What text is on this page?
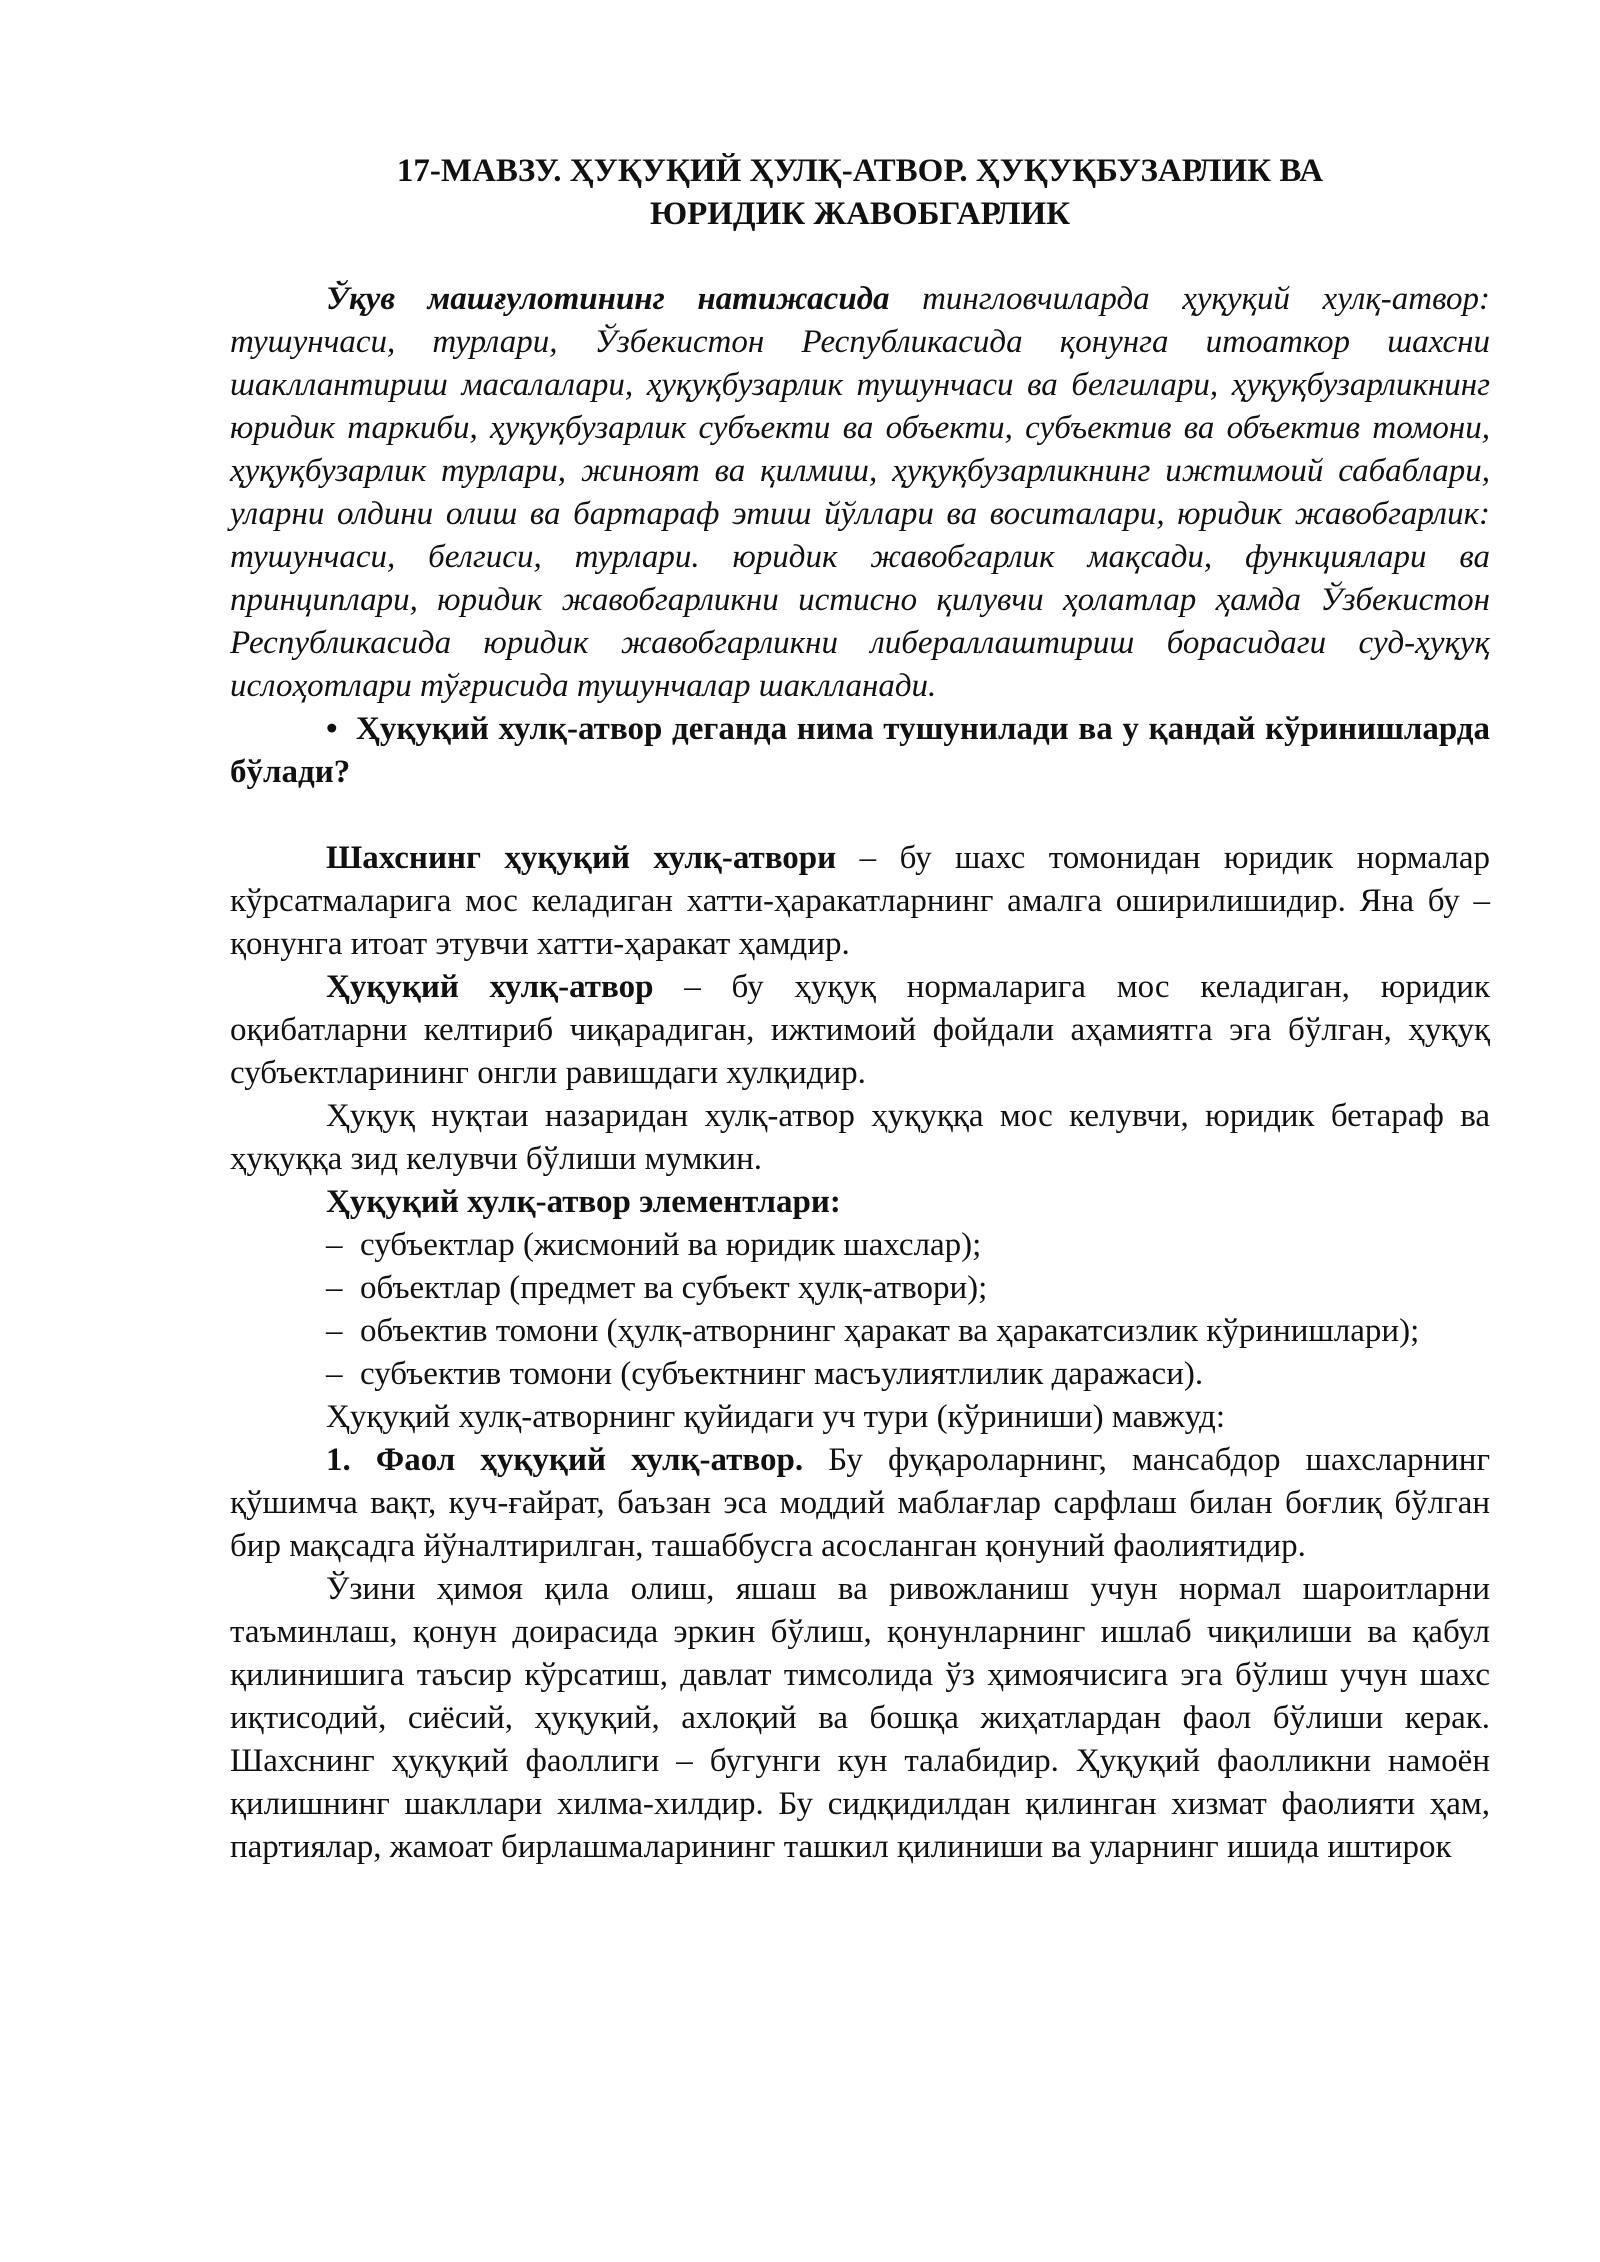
17-МАВЗУ. ҲУҚУҚИЙ ҲУЛҚ-АТВОР. ҲУҚУҚБУЗАРЛИК ВА
ЮРИДИК ЖАВОБГАРЛИК

Ўқув машғулотининг натижасида тингловчиларда ҳуқуқий хулқ-атвор: тушунчаси, турлари, Ўзбекистон Республикасида қонунга итоаткор шахсни шакллантириш масалалари, ҳуқуқбузарлик тушунчаси ва белгилари, ҳуқуқбузарликнинг юридик таркиби, ҳуқуқбузарлик субъекти ва объекти, субъектив ва объектив томони, ҳуқуқбузарлик турлари, жиноят ва қилмиш, ҳуқуқбузарликнинг ижтимоий сабаблари, уларни олдини олиш ва бартараф этиш йўллари ва воситалари, юридик жавобгарлик: тушунчаси, белгиси, турлари. юридик жавобгарлик мақсади, функциялари ва принциплари, юридик жавобгарликни истисно қилувчи ҳолатлар ҳамда Ўзбекистон Республикасида юридик жавобгарликни либераллаштириш борасидаги суд-ҳуқуқ ислоҳотлари тўғрисида тушунчалар шаклланади.

• Ҳуқуқий хулқ-атвор деганда нима тушунилади ва у қандай кўринишларда бўлади?

Шахснинг ҳуқуқий хулқ-атвори – бу шахс томонидан юридик нормалар кўрсатмаларига мос келадиган хатти-ҳаракатларнинг амалга оширилишидир. Яна бу – қонунга итоат этувчи хатти-ҳаракат ҳамдир.

Ҳуқуқий хулқ-атвор – бу ҳуқуқ нормаларига мос келадиган, юридик оқибатларни келтириб чиқарадиган, ижтимоий фойдали аҳамиятга эга бўлган, ҳуқуқ субъектларининг онгли равишдаги хулқидир.

Ҳуқуқ нуқтаи назаридан хулқ-атвор ҳуқуққа мос келувчи, юридик бетараф ва ҳуқуққа зид келувчи бўлиши мумкин.

Ҳуқуқий хулқ-атвор элементлари:

– субъектлар (жисмоний ва юридик шахслар);

– объектлар (предмет ва субъект ҳулқ-атвори);

– объектив томони (ҳулқ-атворнинг ҳаракат ва ҳаракатсизлик кўринишлари);

– субъектив томони (субъектнинг масъулиятлилик даражаси).

Ҳуқуқий хулқ-атворнинг қуйидаги уч тури (кўриниши) мавжуд:

1. Фаол ҳуқуқий хулқ-атвор. Бу фуқароларнинг, мансабдор шахсларнинг қўшимча вақт, куч-ғайрат, баъзан эса моддий маблағлар сарфлаш билан боғлиқ бўлган бир мақсадга йўналтирилган, ташаббусга асосланган қонуний фаолиятидир.

Ўзини ҳимоя қила олиш, яшаш ва ривожланиш учун нормал шароитларни таъминлаш, қонун доирасида эркин бўлиш, қонунларнинг ишлаб чиқилиши ва қабул қилинишига таъсир кўрсатиш, давлат тимсолида ўз ҳимоячисига эга бўлиш учун шахс иқтисодий, сиёсий, ҳуқуқий, ахлоқий ва бошқа жиҳатлардан фаол бўлиши керак. Шахснинг ҳуқуқий фаоллиги – бугунги кун талабидир. Ҳуқуқий фаолликни намоён қилишнинг шакллари хилма-хилдир. Бу сидқидилдан қилинган хизмат фаолияти ҳам, партиялар, жамоат бирлашмаларининг ташкил қилиниши ва уларнинг ишида иштирок
